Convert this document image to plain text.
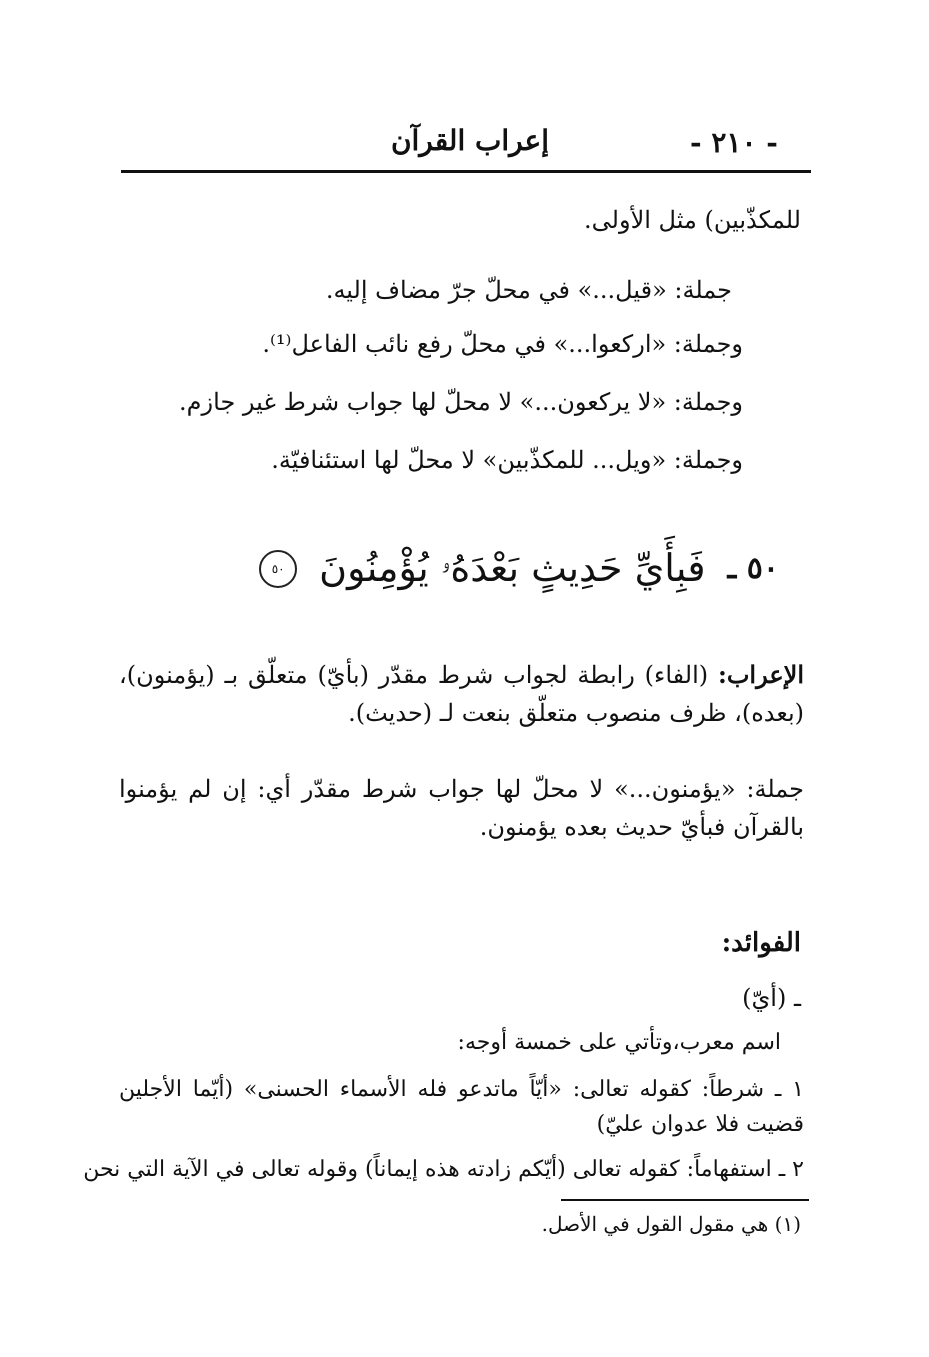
- ٢١٠ -
إعراب القرآن
للمكذّبين) مثل الأولى.
جملة: «قيل...» في محلّ جرّ مضاف إليه.
وجملة: «اركعوا...» في محلّ رفع نائب الفاعل⁽¹⁾.
وجملة: «لا يركعون...» لا محلّ لها جواب شرط غير جازم.
وجملة: «ويل... للمكذّبين» لا محلّ لها استئنافيّة.
٥٠ ـ
فَبِأَيِّ حَدِيثٍ بَعْدَهُۥ يُؤْمِنُونَ
٥٠
الإعراب: (الفاء) رابطة لجواب شرط مقدّر (بأيّ) متعلّق بـ (يؤمنون)، (بعده)، ظرف منصوب متعلّق بنعت لـ (حديث).
جملة: «يؤمنون...» لا محلّ لها جواب شرط مقدّر أي: إن لم يؤمنوا بالقرآن فبأيّ حديث بعده يؤمنون.
الفوائد:
ـ (أيّ)
اسم معرب،وتأتي على خمسة أوجه:
١ ـ شرطاً: كقوله تعالى: «أيّاً ماتدعو فله الأسماء الحسنى» (أيّما الأجلين قضيت فلا عدوان عليّ)
٢ ـ استفهاماً: كقوله تعالى (أيّكم زادته هذه إيماناً) وقوله تعالى في الآية التي نحن
(١) هي مقول القول في الأصل.
